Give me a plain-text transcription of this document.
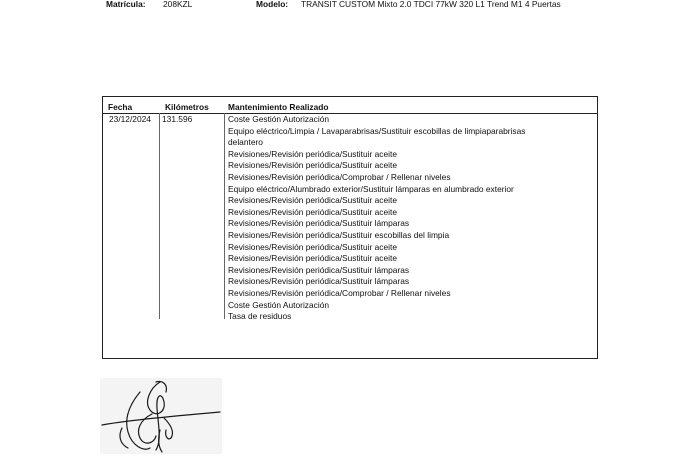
Matrícula: 208KZL	Modelo: TRANSIT CUSTOM Mixto 2.0 TDCI 77kW 320 L1 Trend M1 4 Puertas
Fecha	Kilómetros Mantenimiento Realizado
23/12/2024 131.596	Coste Gestión Autorización
Equipo eléctrico/Limpia / Lavaparabrisas/Sustituir escobillas de limpiaparabrisas delantero
Revisiones/Revisión periódica/Sustituir aceite
Revisiones/Revisión periódica/Sustituir aceite
Revisiones/Revisión periódica/Comprobar / Rellenar niveles
Equipo eléctrico/Alumbrado exterior/Sustituir lámparas en alumbrado exterior
Revisiones/Revisión periódica/Sustituir aceite
Revisiones/Revisión periódica/Sustituir aceite
Revisiones/Revisión periódica/Sustituir lámparas
Revisiones/Revisión periódica/Sustituir escobillas del limpia
Revisiones/Revisión periódica/Sustituir aceite
Revisiones/Revisión periódica/Sustituir aceite
Revisiones/Revisión periódica/Sustituir lámparas
Revisiones/Revisión periódica/Sustituir lámparas
Revisiones/Revisión periódica/Comprobar / Rellenar niveles
Coste Gestión Autorización
Tasa de residuos
